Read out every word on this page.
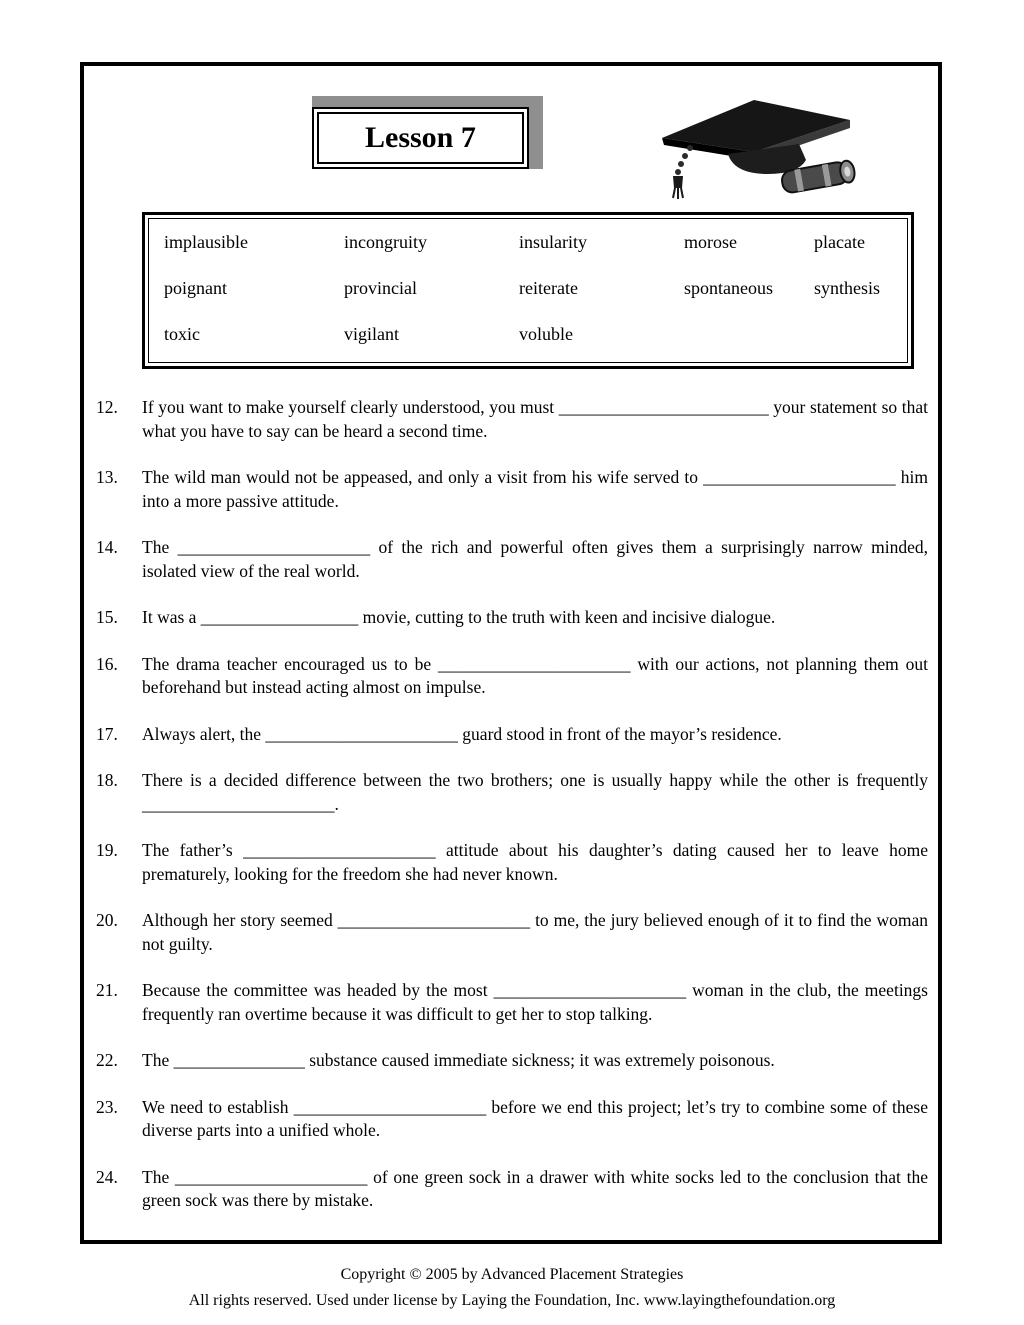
Lesson 7
implausible	incongruity	insularity	morose	placate
poignant	provincial	reiterate	spontaneous	synthesis
toxic	vigilant	voluble
12.	If you want to make yourself clearly understood, you must ________________________ your statement so that what you have to say can be heard a second time.
13.	The wild man would not be appeased, and only a visit from his wife served to ______________________ him into a more passive attitude.
14.	The ______________________ of the rich and powerful often gives them a surprisingly narrow minded, isolated view of the real world.
15.	It was a __________________ movie, cutting to the truth with keen and incisive dialogue.
16.	The drama teacher encouraged us to be ______________________ with our actions, not planning them out beforehand but instead acting almost on impulse.
17.	Always alert, the ______________________ guard stood in front of the mayor’s residence.
18.	There is a decided difference between the two brothers; one is usually happy while the other is frequently ______________________.
19.	The father’s ______________________ attitude about his daughter’s dating caused her to leave home prematurely, looking for the freedom she had never known.
20.	Although her story seemed ______________________ to me, the jury believed enough of it to find the woman not guilty.
21.	Because the committee was headed by the most ______________________ woman in the club, the meetings frequently ran overtime because it was difficult to get her to stop talking.
22.	The _______________ substance caused immediate sickness; it was extremely poisonous.
23.	We need to establish ______________________ before we end this project; let’s try to combine some of these diverse parts into a unified whole.
24.	The ______________________ of one green sock in a drawer with white socks led to the conclusion that the green sock was there by mistake.
Copyright © 2005 by Advanced Placement Strategies
All rights reserved. Used under license by Laying the Foundation, Inc. www.layingthefoundation.org
